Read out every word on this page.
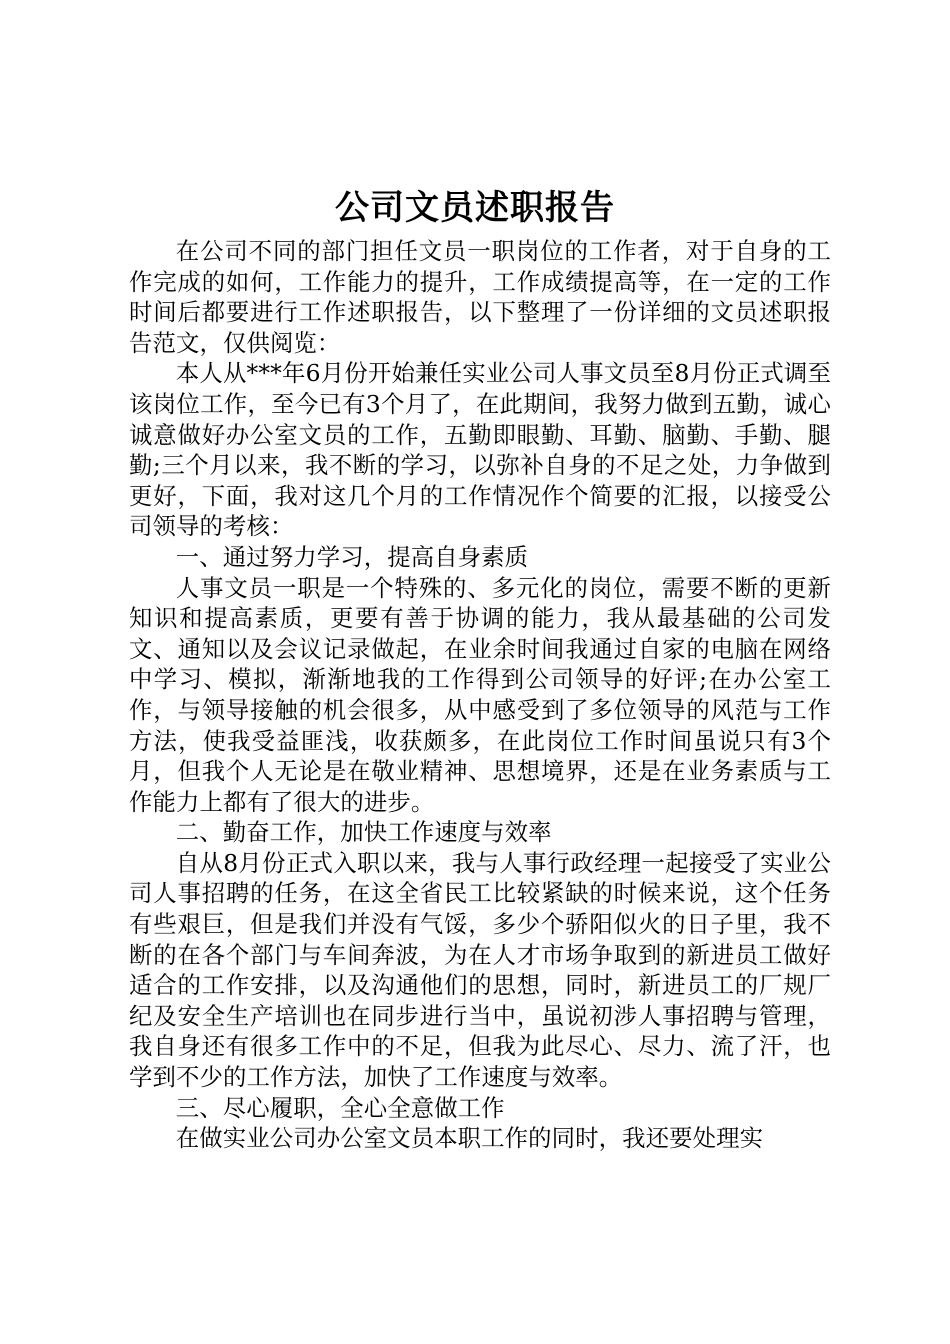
公司文员述职报告

在公司不同的部门担任文员一职岗位的工作者，对于自身的工作完成的如何，工作能力的提升，工作成绩提高等，在一定的工作时间后都要进行工作述职报告，以下整理了一份详细的文员述职报告范文，仅供阅览：

本人从***年6月份开始兼任实业公司人事文员至8月份正式调至该岗位工作，至今已有3个月了，在此期间，我努力做到五勤，诚心诚意做好办公室文员的工作，五勤即眼勤、耳勤、脑勤、手勤、腿勤;三个月以来，我不断的学习，以弥补自身的不足之处，力争做到更好，下面，我对这几个月的工作情况作个简要的汇报，以接受公司领导的考核：

一、通过努力学习，提高自身素质

人事文员一职是一个特殊的、多元化的岗位，需要不断的更新知识和提高素质，更要有善于协调的能力，我从最基础的公司发文、通知以及会议记录做起，在业余时间我通过自家的电脑在网络中学习、模拟，渐渐地我的工作得到公司领导的好评;在办公室工作，与领导接触的机会很多，从中感受到了多位领导的风范与工作方法，使我受益匪浅，收获颇多，在此岗位工作时间虽说只有3个月，但我个人无论是在敬业精神、思想境界，还是在业务素质与工作能力上都有了很大的进步。

二、勤奋工作，加快工作速度与效率

自从8月份正式入职以来，我与人事行政经理一起接受了实业公司人事招聘的任务，在这全省民工比较紧缺的时候来说，这个任务有些艰巨，但是我们并没有气馁，多少个骄阳似火的日子里，我不断的在各个部门与车间奔波，为在人才市场争取到的新进员工做好适合的工作安排，以及沟通他们的思想，同时，新进员工的厂规厂纪及安全生产培训也在同步进行当中，虽说初涉人事招聘与管理，我自身还有很多工作中的不足，但我为此尽心、尽力、流了汗，也学到不少的工作方法，加快了工作速度与效率。

三、尽心履职，全心全意做工作

在做实业公司办公室文员本职工作的同时，我还要处理实
